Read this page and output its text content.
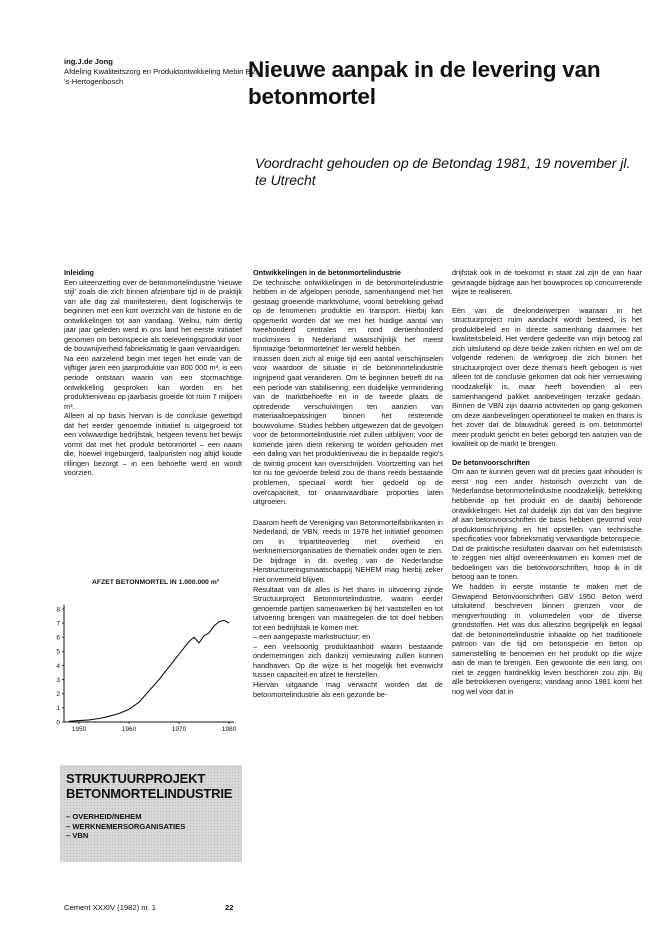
ing.J.de Jong
Afdeling Kwaliteitszorg en Produktontwikkeling Mebin BV, 's-Hertogenbosch	Nieuwe aanpak in de levering van betonmortel
Voordracht gehouden op de Betondag 1981, 19 november jl. te Utrecht
Inleiding

Een uiteenzetting over de betonmortelindustrie 'nieuwe stijl' zoals die zich binnen afzienbare tijd in de praktijk van alle dag zal manifesteren, dient logischerwijs te beginnen met een kort overzicht van de historie en de ontwikkelingen tot aan vandaag. Welnu, ruim dertig jaar jaar geleden werd in ons land het eerste initiatief genomen om betonspecie als toeleveringsprodukt voor de bouwnijverheid fabrieksmatig te gaan vervaardigen.

Na een aarzelend begin met tegen het einde van de vijftiger jaren een jaarproduktie van 800 000 m³, is een periode ontstaan waarin van een stormachtige ontwikkeling gesproken kan worden en het produktieniveau op jaarbasis groeide tot ruim 7 miljoen m³.

Alleen al op basis hiervan is de conclusie gewettigd dat het eerder genoemde initiatief is uitgegroeid tot een volwaardige bedrijfstak, hetgeen tevens het bewijs vormt dat met het produkt betonmortel – een naam die, hoewel ingeburgerd, taalpuristen nog altijd koude rillingen bezorgt – in een behoefte werd en wordt voorzien.

AFZET BETONMORTEL IN 1.000.000 m³
0
1
2
3
4
5
6
7
8
1950	1960	1970	1980
STRUKTUURPROJEKT
BETONMORTELINDUSTRIE
– OVERHEID/NEHEM
– WERKNEMERSORGANISATIES
– VBN
Ontwikkelingen in de betonmortelindustrie

De technische ontwikkelingen in de betonmortelindustrie hebben in de afgelopen periode, samenhangend met het gestaag groeiende marktvolume, vooral betrekking gehad op de fenomenen produktie en transport. Hierbij kan opgemerkt worden dat we met het huidige aantal van tweehonderd centrales en rond dertienhonderd truckmixers in Nederland waarschijnlijk het meest fijnmazige 'betonmortelnet' ter wereld hebben.

Intussen doen zich al enige tijd een aantal verschijnselen voor waardoor de situatie in de betonmortelindustrie ingrijpend gaat veranderen. Om te beginnen betreft dit na een periode van stabilisering, een duidelijke vermindering van de marktbehoefte en in de tweede plaats de optredende verschuivingen ten aanzien van materiaaltoepassingen binnen het resterende bouwvolume. Studies hebben uitgewezen dat de gevolgen voor de betonmortelindustrie niet zullen uitblijven; voor de komende jaren dient rekening te worden gehouden met een daling van het produktieniveau die in bepaalde regio's de twintig procent kan overschrijden. Voortzetting van het tot nu toe gevoerde beleid zou de thans reeds bestaande problemen, speciaal wordt hier gedoeld op de overcapaciteit, tot onaanvaardbare proporties laten uitgroeien.

Daarom heeft de Vereniging van Betonmortelfabrikanten in Nederland, de VBN, reeds in 1978 het initiatief genomen om in tripartiteoverleg met overheid en werknemersorganisaties de thematiek onder ogen te zien. De bijdrage in dit overleg van de Nederlandse Herstructureringsmaatschappij NEHEM mag hierbij zeker niet onvermeld blijven.

Resultaat van dit alles is het thans in uitvoering zijnde Structuurproject Betonmortelindustrie, waarin eerder genoemde partijen samenwerken bij het vaststellen en tot uitvoering brengen van maatregelen die tot doel hebben tot een bedrijfstak te komen met:

– een aangepaste markstructuur; en

– een veelsoortig produktaanbod waarin bestaande ondernemingen zich dankzij vernieuwing zullen kunnen handhaven. Op die wijze is het mogelijk het evenwicht tussen capaciteit en afzet te herstellen.

Hiervan uitgaande mag verwacht worden dat de betonmortelindustrie als een gezonde be-

drijfstak ook in de toekomst in staat zal zijn de van haar gevraagde bijdrage aan het bouwproces op concurrerende wijze te realiseren.

Eén van de deelonderwerpen waaraan in het structuurproject ruim aandacht wordt besteed, is het produktbeleid en in directe samenhang daarmee het kwaliteitsbeleid. Het verdere gedeelte van mijn betoog zal zich uitsluitend op deze beide zaken richten en wel om de volgende redenen: de werkgroep die zich binnen het structuurproject over deze thema's heeft gebogen is niet alleen tot de conclusie gekomen dat ook hier vernieuwing noodzakelijk is, maar heeft bovendien al een samenhangend pakket aanbevelingen terzake gedaan. Binnen de VBN zijn daarna activiteiten op gang gekomen om deze aanbevelingen operationeel te maken en thans is het zover dat de blauwdruk gereed is om betonmortel meer produkt gericht en beter geborgd ten aanzien van de kwaliteit op de markt te brengen.

De betonvoorschriften

Om aan te kunnen geven wat dit precies gaat inhouden is eerst nog een ander historisch overzicht van de Nederlandse betonmortelindustrie noodzakelijk, betrekking hebbende op het produkt en de daarbij behorende ontwikkelingen. Het zal duidelijk zijn dat van den beginne af aan betonvoorschriften de basis hebben gevormd voor produktomschrijving en het opstellen van technische specificaties voor fabrieksmatig vervaardigde betonspecie. Dat de praktische resultaten daarvan om het eufemistisch te zeggen niet altijd overeenkwamen en komen met de bedoelingen van die betonvoorschriften, hoop ik in dit betoog aan te tonen.

We hadden in eerste instantie te maken met de Gewapend Betonvoorschriften GBV 1950. Beton werd uitsluitend beschreven binnen grenzen voor de mengverhouding in volumedelen voor de diverse grondstoffen. Het was dus alleszins begrijpelijk en legaal dat de betonmortelindustrie inhaakte op het traditionele patroon van die tijd om betonspecie en beton op samenstelling te benoemen en het produkt op die wijze aan de man te brengen. Een gewoonte die een lang, om niet te zeggen hardnekkig leven beschoren zou zijn. Bij alle betrokkenen overigens; vandaag anno 1981 komt het nog wel voor dat in

Cement XXXIV (1982) nr. 1	22
